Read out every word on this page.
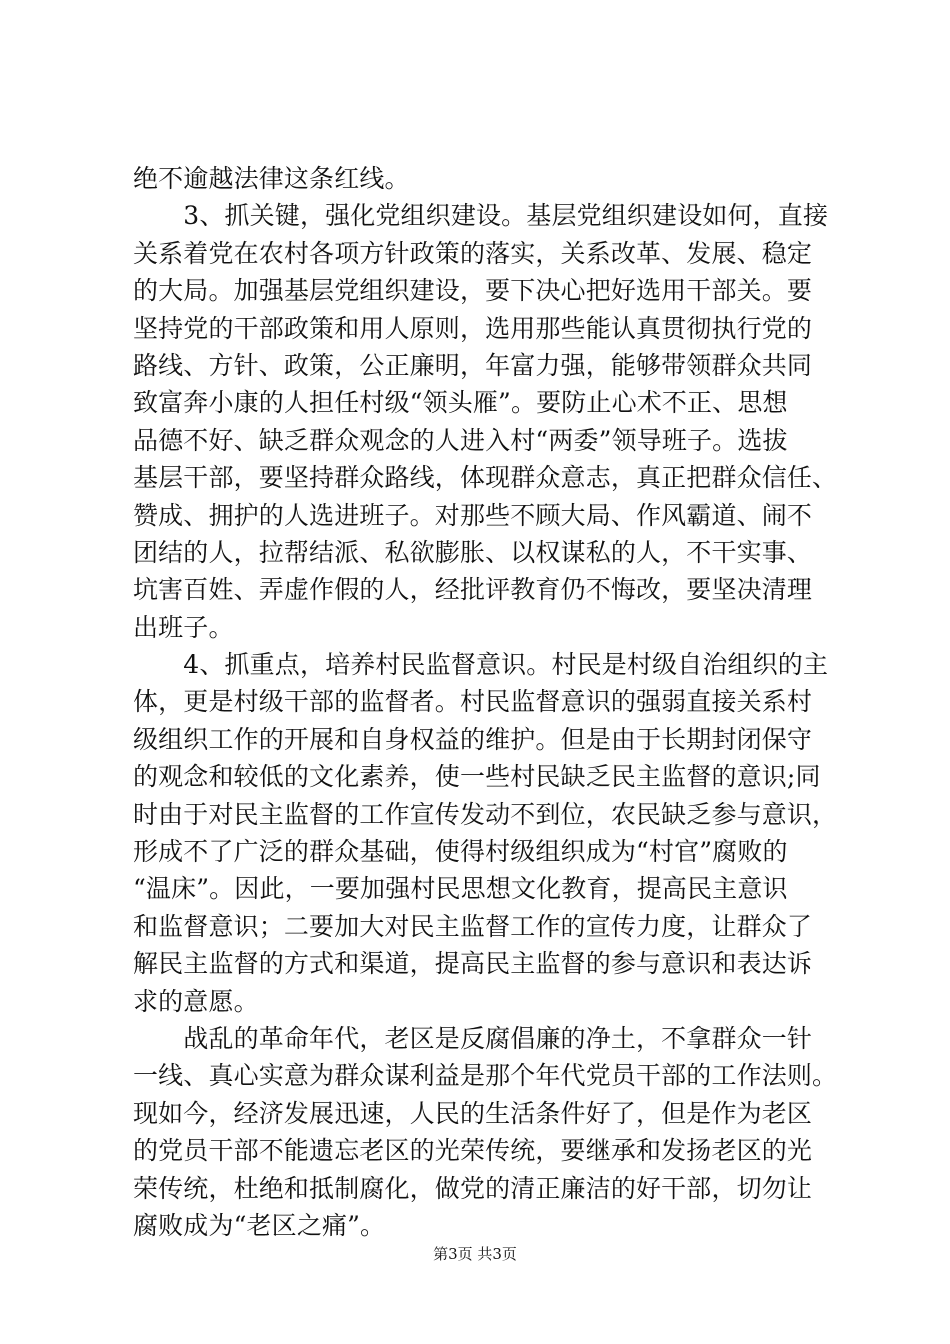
绝不逾越法律这条红线。
　　3、抓关键，强化党组织建设。基层党组织建设如何，直接
关系着党在农村各项方针政策的落实，关系改革、发展、稳定
的大局。加强基层党组织建设，要下决心把好选用干部关。要
坚持党的干部政策和用人原则，选用那些能认真贯彻执行党的
路线、方针、政策，公正廉明，年富力强，能够带领群众共同
致富奔小康的人担任村级“领头雁”。要防止心术不正、思想
品德不好、缺乏群众观念的人进入村“两委”领导班子。选拔
基层干部，要坚持群众路线，体现群众意志，真正把群众信任、
赞成、拥护的人选进班子。对那些不顾大局、作风霸道、闹不
团结的人，拉帮结派、私欲膨胀、以权谋私的人，不干实事、
坑害百姓、弄虚作假的人，经批评教育仍不悔改，要坚决清理
出班子。
　　4、抓重点，培养村民监督意识。村民是村级自治组织的主
体，更是村级干部的监督者。村民监督意识的强弱直接关系村
级组织工作的开展和自身权益的维护。但是由于长期封闭保守
的观念和较低的文化素养，使一些村民缺乏民主监督的意识;同
时由于对民主监督的工作宣传发动不到位，农民缺乏参与意识，
形成不了广泛的群众基础，使得村级组织成为“村官”腐败的
“温床”。因此，一要加强村民思想文化教育，提高民主意识
和监督意识；二要加大对民主监督工作的宣传力度，让群众了
解民主监督的方式和渠道，提高民主监督的参与意识和表达诉
求的意愿。
　　战乱的革命年代，老区是反腐倡廉的净土，不拿群众一针
一线、真心实意为群众谋利益是那个年代党员干部的工作法则。
现如今，经济发展迅速，人民的生活条件好了，但是作为老区
的党员干部不能遗忘老区的光荣传统，要继承和发扬老区的光
荣传统，杜绝和抵制腐化，做党的清正廉洁的好干部，切勿让
腐败成为“老区之痛”。
第3页 共3页
